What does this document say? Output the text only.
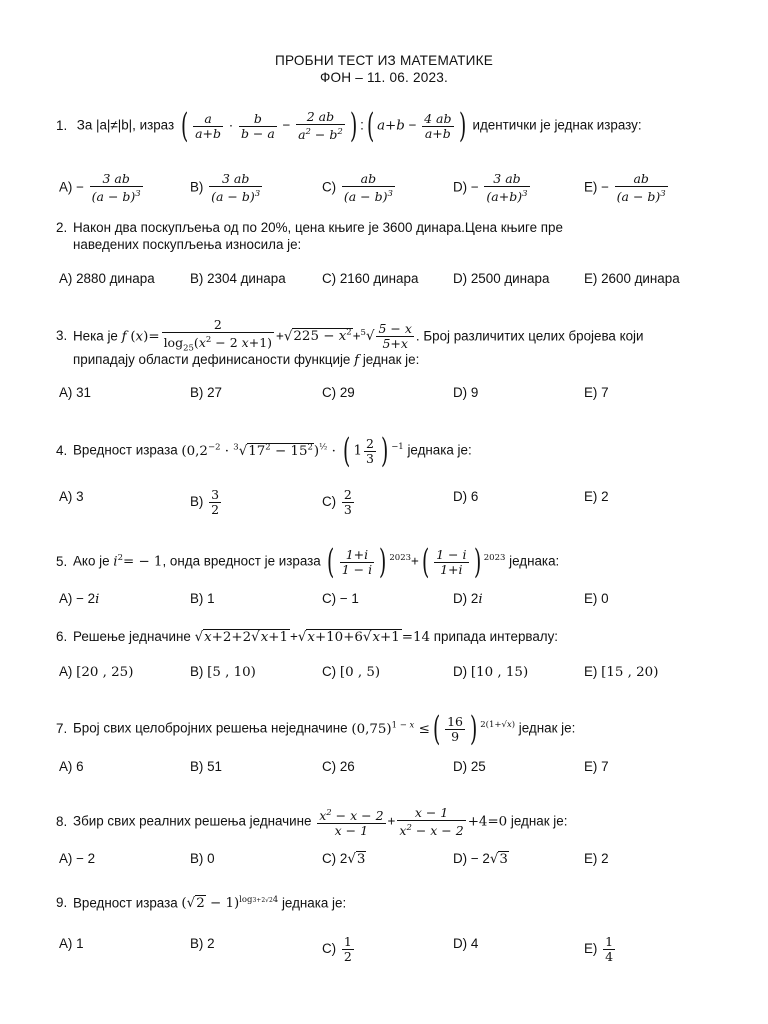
ПРОБНИ ТЕСТ ИЗ МАТЕМАТИКЕ
ФОН – 11. 06. 2023.
1. За |a|≠|b|, израз ( $\frac{a}{a+b} \cdot \frac{b}{b - a} - \frac{2 ab}{a^2 - b^2}$ ) :( $a+b - \frac{4 ab}{a+b}$ ) идентички је једнак изразу:
$A) - \frac{3 ab}{(a - b)^3}$	$B) \frac{3 ab}{(a - b)^3}$	$C) \frac{ab}{(a - b)^3}$	$D) - \frac{3 ab}{(a+b)^3}$	$E) - \frac{ab}{(a - b)^3}$
2. Након два поскупљења од по 20%, цена књиге је 3600 динара.Цена књиге пре
наведених поскупљења износила је:
A) 2880 динара	B) 2304 динара	C) 2160 динара	D) 2500 динара	E) 2600 динара
3. Нека је f $(x)= \frac{2}{\log_{25}(x^2 - 2 x+1)} +√225 - x^2+^5√ \frac{5 - x}{5+x}$ . Број различитих целих бројева који
припадају области дефинисаности функције f једнак је:
A) 31	B) 27	C) 29	D) 9	E) 7
4. Вредност израза $(0,2^{-2} \cdot ^3√17^2 - 15^2)^{\frac{1}{2}}$ · ( $1 \frac{2}{3}$ ) $^{-1}$ једнака је:
A) 3	$B) \frac{3}{2}$	$C) \frac{2}{3}$	D) 6	E) 2
5. Ако је $i^2= - 1$, онда вредност је израза ( $\frac{1+i}{1 - i}$ ) $^{2023}+( \frac{1 - i}{1+i}$ ) $^{2023}$ једнака:
A) − 2i	B) 1	C) − 1	D) 2i	E) 0
6. Решење једначине √x+2+2√x+1 +√x+10+6√x+1 =14 припада интервалу:
A) [20 , 25)	B) [5 , 10)	C) [0 , 5)	D) [10 , 15)	E) [15 , 20)
7. Број свих целобројних решења неједначине $(0,75)^{1 - x}$ ≤( $\frac{16}{9}$ ) $^{2(1+√x)}$ једнак је:
A) 6	B) 51	C) 26	D) 25	E) 7
8. Збир свих реалних решења једначине $\frac{x^2 - x - 2}{x - 1} + \frac{x - 1}{x^2 - x - 2} +4=0$ једнак је:
A) − 2	B) 0	C) 2√3	D) − 2√3	E) 2
9. Вредност израза $(√2 - 1)^{log3+2√24}$ једнака је:
A) 1	B) 2	$C) \frac{1}{2}$	D) 4	$E) \frac{1}{4}$
